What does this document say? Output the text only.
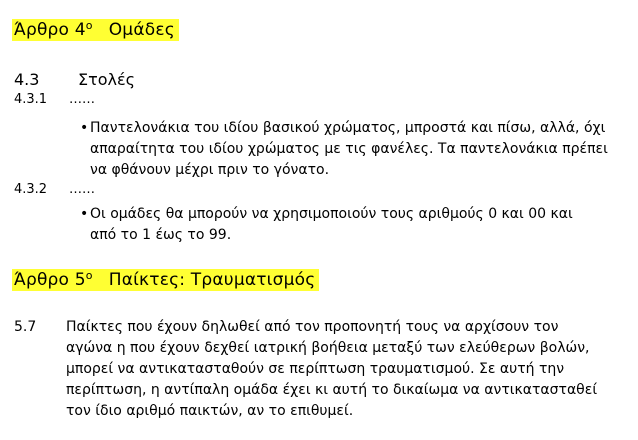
Άρθρο $4^o$ Ομάδες
4.3 Στολές
4.3.1 ……
• Παντελονάκια του ιδίου βασικού χρώματος, μπροστά και πίσω, αλλά, όχι
απαραίτητα του ιδίου χρώματος με τις φανέλες. Τα παντελονάκια πρέπει
να φθάνουν μέχρι πριν το γόνατο.
4.3.2 ……
• Οι ομάδες θα μπορούν να χρησιμοποιούν τους αριθμούς 0 και 00 και
από το 1 έως το 99.
Άρθρο $5^o$ Παίκτες: Τραυματισμός
5.7 Παίκτες που έχουν δηλωθεί από τον προπονητή τους να αρχίσουν τον
αγώνα η που έχουν δεχθεί ιατρική βοήθεια μεταξύ των ελεύθερων βολών,
μπορεί να αντικατασταθούν σε περίπτωση τραυματισμού. Σε αυτή την
περίπτωση, η αντίπαλη ομάδα έχει κι αυτή το δικαίωμα να αντικατασταθεί
τον ίδιο αριθμό παικτών, αν το επιθυμεί.
